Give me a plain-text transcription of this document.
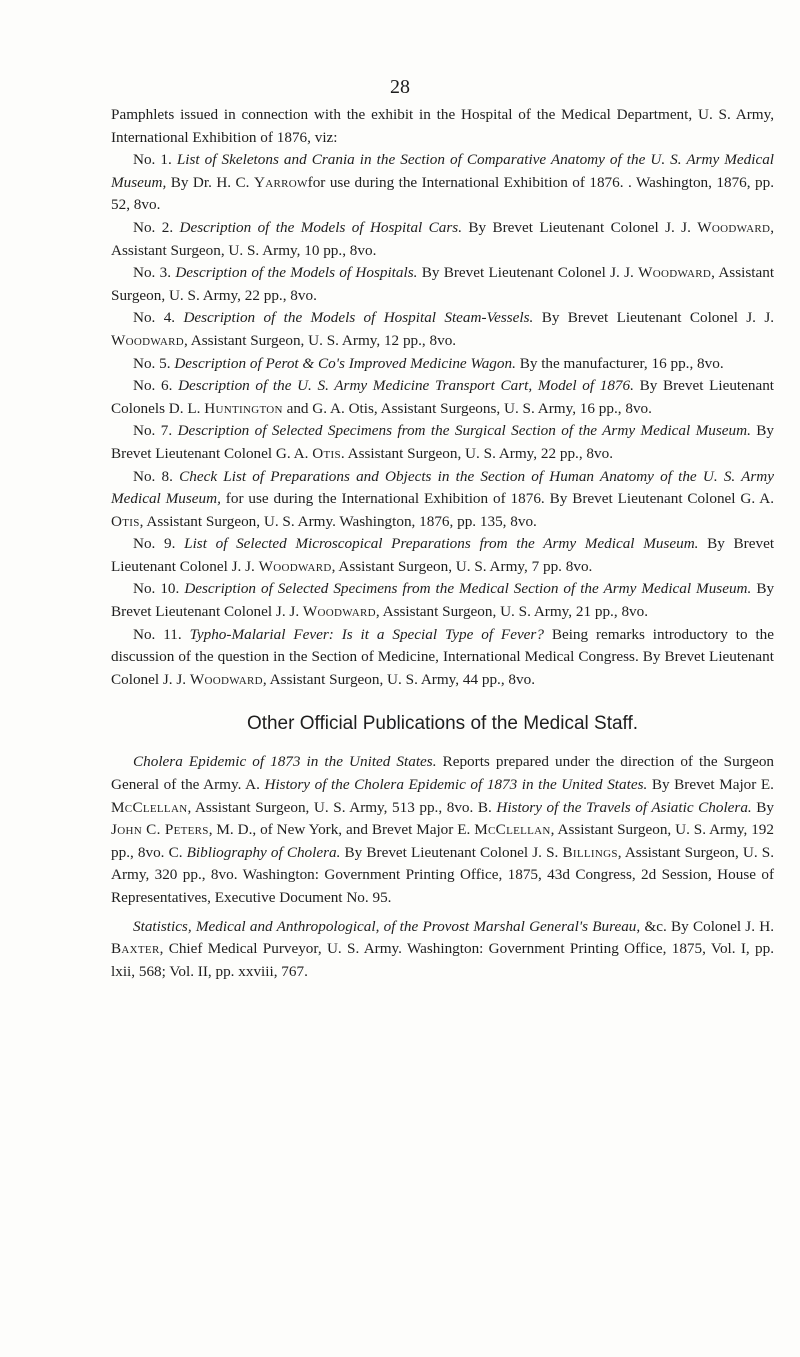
28

Pamphlets issued in connection with the exhibit in the Hospital of the Medical Department, U. S. Army, International Exhibition of 1876, viz:

No. 1. List of Skeletons and Crania in the Section of Comparative Anatomy of the U. S. Army Medical Museum, By Dr. H. C. Yarrowfor use during the International Exhibition of 1876. . Washington, 1876, pp. 52, 8vo.

No. 2. Description of the Models of Hospital Cars. By Brevet Lieutenant Colonel J. J. Woodward, Assistant Surgeon, U. S. Army, 10 pp., 8vo.

No. 3. Description of the Models of Hospitals. By Brevet Lieutenant Colonel J. J. Woodward, Assistant Surgeon, U. S. Army, 22 pp., 8vo.

No. 4. Description of the Models of Hospital Steam-Vessels. By Brevet Lieutenant Colonel J. J. Woodward, Assistant Surgeon, U. S. Army, 12 pp., 8vo.

No. 5. Description of Perot & Co's Improved Medicine Wagon. By the manufacturer, 16 pp., 8vo.

No. 6. Description of the U. S. Army Medicine Transport Cart, Model of 1876. By Brevet Lieutenant Colonels D. L. Huntington and G. A. Otis, Assistant Surgeons, U. S. Army, 16 pp., 8vo.

No. 7. Description of Selected Specimens from the Surgical Section of the Army Medical Museum. By Brevet Lieutenant Colonel G. A. Otis. Assistant Surgeon, U. S. Army, 22 pp., 8vo.

No. 8. Check List of Preparations and Objects in the Section of Human Anatomy of the U. S. Army Medical Museum, for use during the International Exhibition of 1876. By Brevet Lieutenant Colonel G. A. Otis, Assistant Surgeon, U. S. Army. Washington, 1876, pp. 135, 8vo.

No. 9. List of Selected Microscopical Preparations from the Army Medical Museum. By Brevet Lieutenant Colonel J. J. Woodward, Assistant Surgeon, U. S. Army, 7 pp. 8vo.

No. 10. Description of Selected Specimens from the Medical Section of the Army Medical Museum. By Brevet Lieutenant Colonel J. J. Woodward, Assistant Surgeon, U. S. Army, 21 pp., 8vo.

No. 11. Typho-Malarial Fever: Is it a Special Type of Fever? Being remarks introductory to the discussion of the question in the Section of Medicine, International Medical Congress. By Brevet Lieutenant Colonel J. J. Woodward, Assistant Surgeon, U. S. Army, 44 pp., 8vo.

Other Official Publications of the Medical Staff.

Cholera Epidemic of 1873 in the United States. Reports prepared under the direction of the Surgeon General of the Army. A. History of the Cholera Epidemic of 1873 in the United States. By Brevet Major E. McClellan, Assistant Surgeon, U. S. Army, 513 pp., 8vo. B. History of the Travels of Asiatic Cholera. By John C. Peters, M. D., of New York, and Brevet Major E. McClellan, Assistant Surgeon, U. S. Army, 192 pp., 8vo. C. Bibliography of Cholera. By Brevet Lieutenant Colonel J. S. Billings, Assistant Surgeon, U. S. Army, 320 pp., 8vo. Washington: Government Printing Office, 1875, 43d Congress, 2d Session, House of Representatives, Executive Document No. 95.

Statistics, Medical and Anthropological, of the Provost Marshal General's Bureau, &c. By Colonel J. H. Baxter, Chief Medical Purveyor, U. S. Army. Washington: Government Printing Office, 1875, Vol. I, pp. lxii, 568; Vol. II, pp. xxviii, 767.
